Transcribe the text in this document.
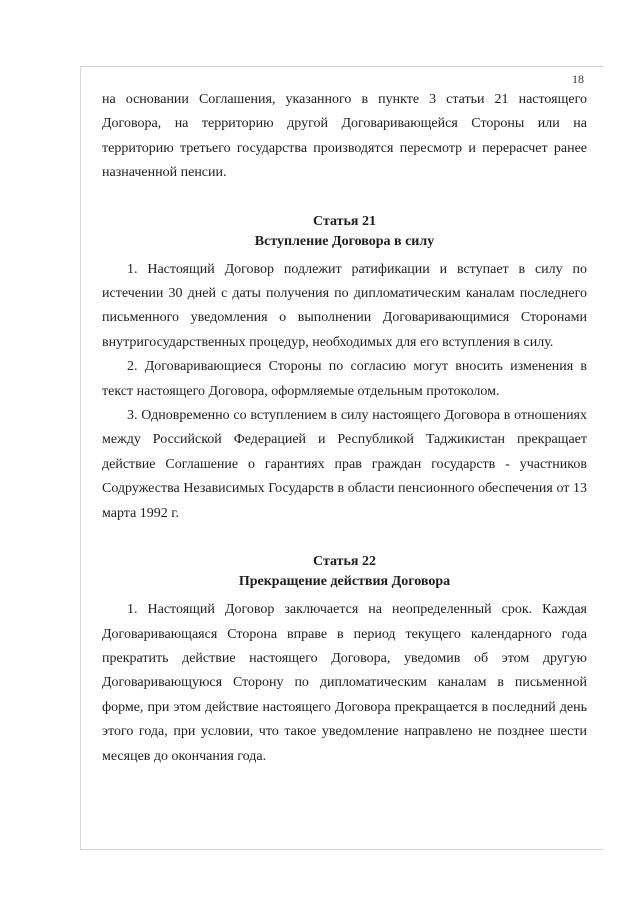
18

на основании Соглашения, указанного в пункте 3 статьи 21 настоящего Договора, на территорию другой Договаривающейся Стороны или на территорию третьего государства производятся пересмотр и перерасчет ранее назначенной пенсии.

Статья 21
Вступление Договора в силу

1. Настоящий Договор подлежит ратификации и вступает в силу по истечении 30 дней с даты получения по дипломатическим каналам последнего письменного уведомления о выполнении Договаривающимися Сторонами внутригосударственных процедур, необходимых для его вступления в силу.

2. Договаривающиеся Стороны по согласию могут вносить изменения в текст настоящего Договора, оформляемые отдельным протоколом.

3. Одновременно со вступлением в силу настоящего Договора в отношениях между Российской Федерацией и Республикой Таджикистан прекращает действие Соглашение о гарантиях прав граждан государств - участников Содружества Независимых Государств в области пенсионного обеспечения от 13 марта 1992 г.

Статья 22
Прекращение действия Договора

1. Настоящий Договор заключается на неопределенный срок. Каждая Договаривающаяся Сторона вправе в период текущего календарного года прекратить действие настоящего Договора, уведомив об этом другую Договаривающуюся Сторону по дипломатическим каналам в письменной форме, при этом действие настоящего Договора прекращается в последний день этого года, при условии, что такое уведомление направлено не позднее шести месяцев до окончания года.
